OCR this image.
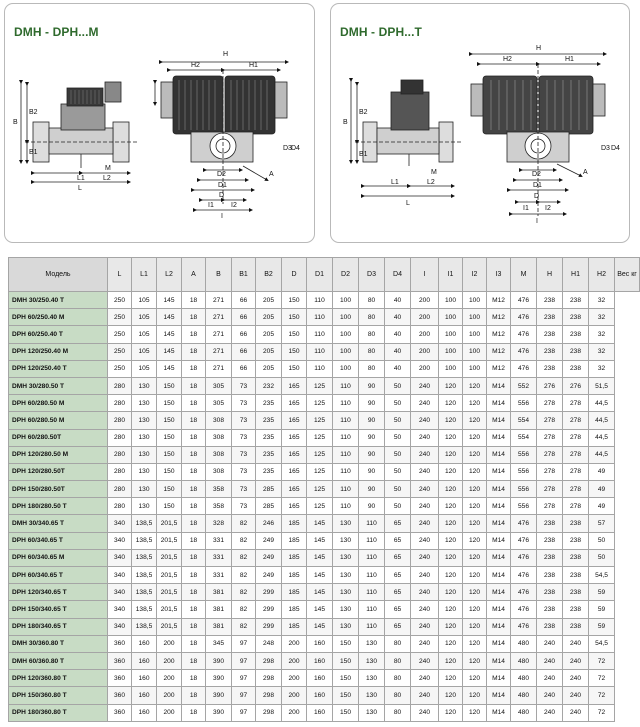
DMH - DPH...M
L1	L2
L
B
B2
B1
H
H2	H1
D2
D1
D
I1 I2
I
A
D3 D4
M
DMH - DPH...T
L1	L2
L
B
B2
B1
M
H
H2	H1
D2
D1
D
I1 I2
I
A
D3 D4
Модель	L	L1	L2	A	B	B1	B2	D	D1	D2	D3	D4	I	I1	I2	I3	M	H	H1	H2	Вес кг
DMH 30/250.40 T	250	105	145	18	271	66	205	150	110	100	80	40	200	100	100	M12	476	238	238	32	
DPH 60/250.40 M	250	105	145	18	271	66	205	150	110	100	80	40	200	100	100	M12	476	238	238	32	
DPH 60/250.40 T	250	105	145	18	271	66	205	150	110	100	80	40	200	100	100	M12	476	238	238	32	
DPH 120/250.40 M	250	105	145	18	271	66	205	150	110	100	80	40	200	100	100	M12	476	238	238	32	
DPH 120/250.40 T	250	105	145	18	271	66	205	150	110	100	80	40	200	100	100	M12	476	238	238	32	
DMH 30/280.50 T	280	130	150	18	305	73	232	165	125	110	90	50	240	120	120	M14	552	276	276	51,5	
DPH 60/280.50 M	280	130	150	18	305	73	235	165	125	110	90	50	240	120	120	M14	556	278	278	44,5	
DPH 60/280.50 M	280	130	150	18	308	73	235	165	125	110	90	50	240	120	120	M14	554	278	278	44,5	
DPH 60/280.50T	280	130	150	18	308	73	235	165	125	110	90	50	240	120	120	M14	554	278	278	44,5	
DPH 120/280.50 M	280	130	150	18	308	73	235	165	125	110	90	50	240	120	120	M14	556	278	278	44,5	
DPH 120/280.50T	280	130	150	18	308	73	235	165	125	110	90	50	240	120	120	M14	556	278	278	49	
DPH 150/280.50T	280	130	150	18	358	73	285	165	125	110	90	50	240	120	120	M14	556	278	278	49	
DPH 180/280.50 T	280	130	150	18	358	73	285	165	125	110	90	50	240	120	120	M14	556	278	278	49	
DMH 30/340.65 T	340	138,5	201,5	18	328	82	246	185	145	130	110	65	240	120	120	M14	476	238	238	57	
DPH 60/340.65 T	340	138,5	201,5	18	331	82	249	185	145	130	110	65	240	120	120	M14	476	238	238	50	
DPH 60/340.65 M	340	138,5	201,5	18	331	82	249	185	145	130	110	65	240	120	120	M14	476	238	238	50	
DPH 60/340.65 T	340	138,5	201,5	18	331	82	249	185	145	130	110	65	240	120	120	M14	476	238	238	54,5	
DPH 120/340.65 T	340	138,5	201,5	18	381	82	299	185	145	130	110	65	240	120	120	M14	476	238	238	59	
DPH 150/340.65 T	340	138,5	201,5	18	381	82	299	185	145	130	110	65	240	120	120	M14	476	238	238	59	
DPH 180/340.65 T	340	138,5	201,5	18	381	82	299	185	145	130	110	65	240	120	120	M14	476	238	238	59	
DMH 30/360.80 T	360	160	200	18	345	97	248	200	160	150	130	80	240	120	120	M14	480	240	240	54,5	
DMH 60/360.80 T	360	160	200	18	390	97	298	200	160	150	130	80	240	120	120	M14	480	240	240	72	
DPH 120/360.80 T	360	160	200	18	390	97	298	200	160	150	130	80	240	120	120	M14	480	240	240	72	
DPH 150/360.80 T	360	160	200	18	390	97	298	200	160	150	130	80	240	120	120	M14	480	240	240	72	
DPH 180/360.80 T	360	160	200	18	390	97	298	200	160	150	130	80	240	120	120	M14	480	240	240	72	
